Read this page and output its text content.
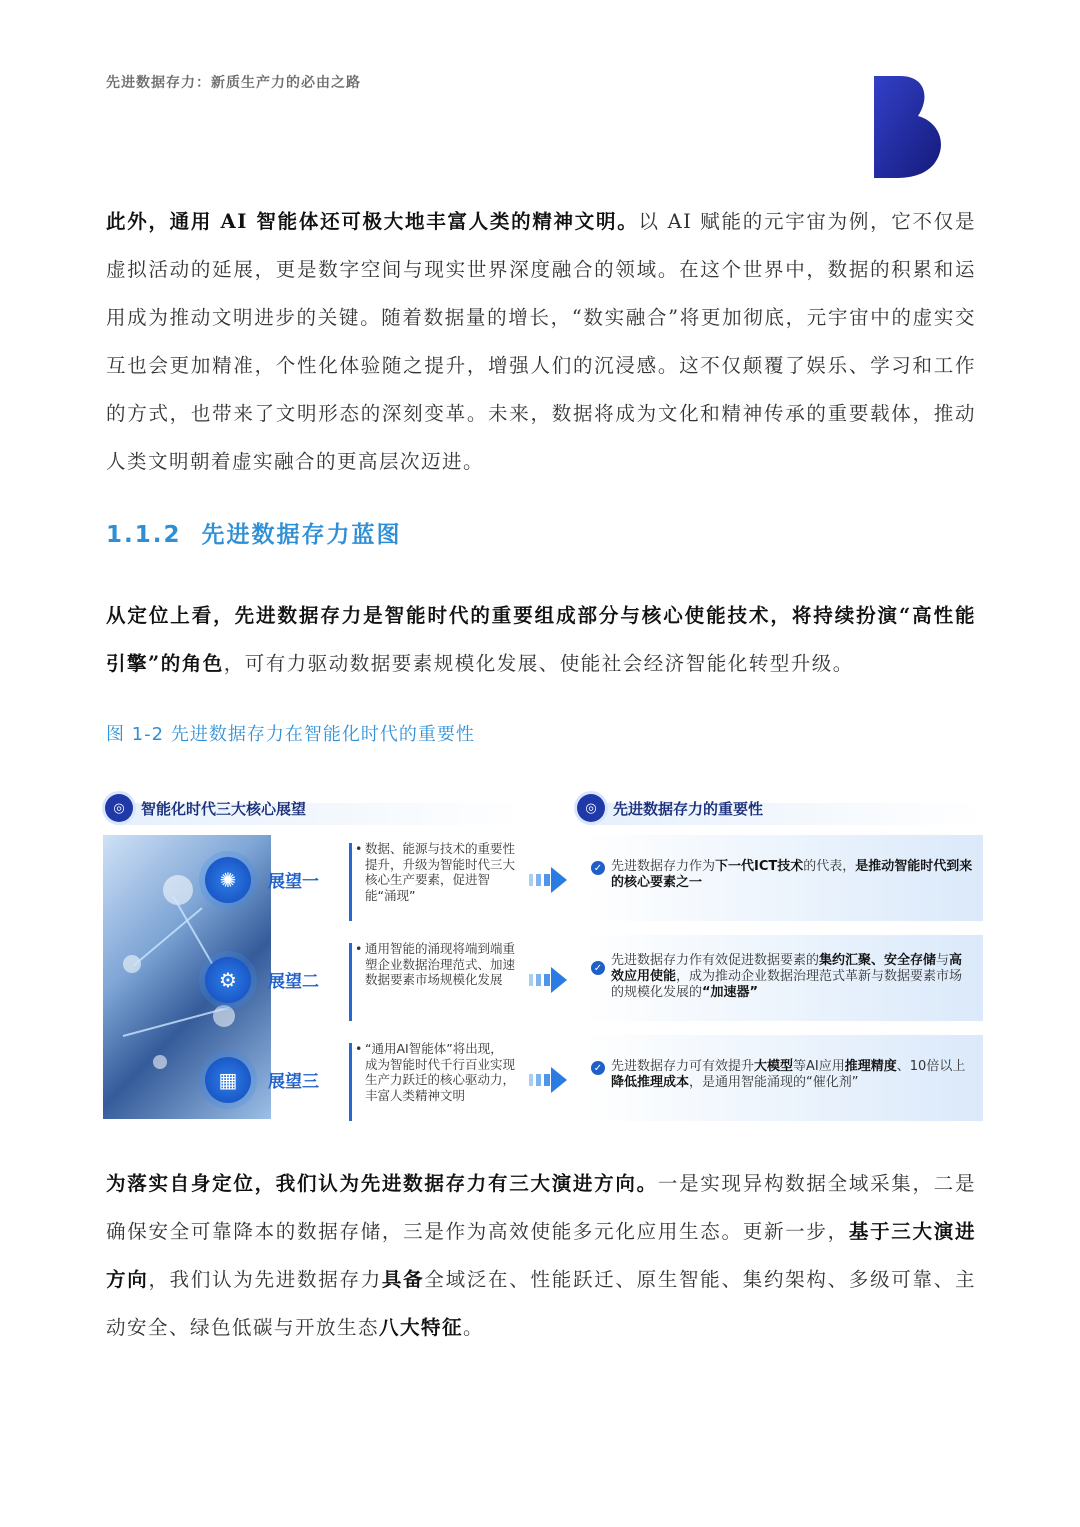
先进数据存力：新质生产力的必由之路
此外，通用 AI 智能体还可极大地丰富人类的精神文明。以 AI 赋能的元宇宙为例，它不仅是虚拟活动的延展，更是数字空间与现实世界深度融合的领域。在这个世界中，数据的积累和运用成为推动文明进步的关键。随着数据量的增长，“数实融合”将更加彻底，元宇宙中的虚实交互也会更加精准，个性化体验随之提升，增强人们的沉浸感。这不仅颠覆了娱乐、学习和工作的方式，也带来了文明形态的深刻变革。未来，数据将成为文化和精神传承的重要载体，推动人类文明朝着虚实融合的更高层次迈进。
1.1.2 先进数据存力蓝图
从定位上看，先进数据存力是智能时代的重要组成部分与核心使能技术，将持续扮演“高性能引擎”的角色，可有力驱动数据要素规模化发展、使能社会经济智能化转型升级。
图 1-2 先进数据存力在智能化时代的重要性
◎	智能化时代三大核心展望	◎	先进数据存力的重要性
✺	展望一
• 数据、能源与技术的重要性提升，升级为智能时代三大核心生产要素，促进智能“涌现”
✓ 先进数据存力作为下一代ICT技术的代表，是推动智能时代到来的核心要素之一
⚙	展望二
• 通用智能的涌现将端到端重塑企业数据治理范式、加速数据要素市场规模化发展
✓ 先进数据存力作有效促进数据要素的集约汇聚、安全存储与高效应用使能，成为推动企业数据治理范式革新与数据要素市场的规模化发展的“加速器”
▦	展望三
• “通用AI智能体”将出现，成为智能时代千行百业实现生产力跃迁的核心驱动力，丰富人类精神文明
✓ 先进数据存力可有效提升大模型等AI应用推理精度、10倍以上降低推理成本，是通用智能涌现的“催化剂”
为落实自身定位，我们认为先进数据存力有三大演进方向。一是实现异构数据全域采集，二是确保安全可靠降本的数据存储，三是作为高效使能多元化应用生态。更新一步，基于三大演进方向，我们认为先进数据存力具备全域泛在、性能跃迁、原生智能、集约架构、多级可靠、主动安全、绿色低碳与开放生态八大特征。
